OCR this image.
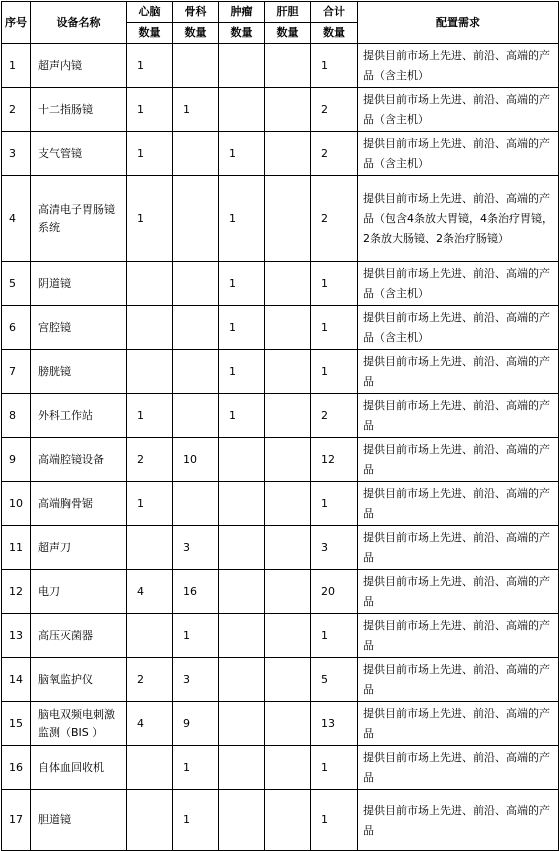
序号	设备名称	心脑	骨科	肿瘤	肝胆	合计	配置需求
		数量	数量	数量	数量	数量	
1	超声内镜	1				1	提供目前市场上先进、前沿、高端的产品（含主机）
2	十二指肠镜	1	1			2	提供目前市场上先进、前沿、高端的产品（含主机）
3	支气管镜	1		1		2	提供目前市场上先进、前沿、高端的产品（含主机）
4	高清电子胃肠镜系统	1		1		2	提供目前市场上先进、前沿、高端的产品（包含4条放大胃镜，4条治疗胃镜，2条放大肠镜、2条治疗肠镜）
5	阴道镜			1		1	提供目前市场上先进、前沿、高端的产品（含主机）
6	宫腔镜			1		1	提供目前市场上先进、前沿、高端的产品（含主机）
7	膀胱镜			1		1	提供目前市场上先进、前沿、高端的产品
8	外科工作站	1		1		2	提供目前市场上先进、前沿、高端的产品
9	高端腔镜设备	2	10			12	提供目前市场上先进、前沿、高端的产品
10	高端胸骨锯	1				1	提供目前市场上先进、前沿、高端的产品
11	超声刀		3			3	提供目前市场上先进、前沿、高端的产品
12	电刀	4	16			20	提供目前市场上先进、前沿、高端的产品
13	高压灭菌器		1			1	提供目前市场上先进、前沿、高端的产品
14	脑氧监护仪	2	3			5	提供目前市场上先进、前沿、高端的产品
15	脑电双频电刺激监测（BIS ）	4	9			13	提供目前市场上先进、前沿、高端的产品
16	自体血回收机		1			1	提供目前市场上先进、前沿、高端的产品
17	胆道镜		1			1	提供目前市场上先进、前沿、高端的产品
